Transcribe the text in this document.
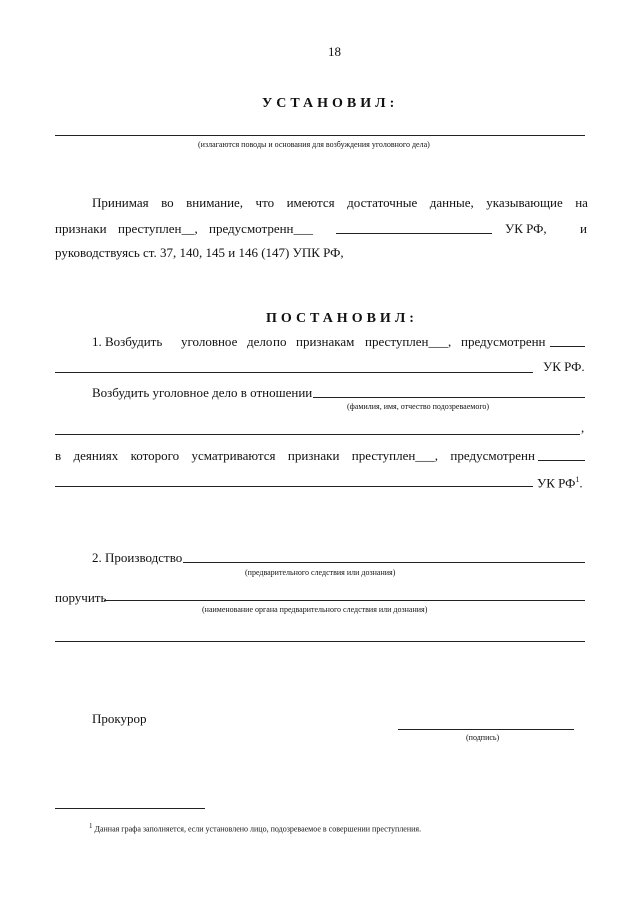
18
УСТАНОВИЛ:
(излагаются поводы и основания для возбуждения уголовного дела)
Принимая во внимание, что имеются достаточные данные, указывающие на
признаки преступлен__, предусмотренн___	УК РФ,	и
руководствуясь ст. 37, 140, 145 и 146 (147) УПК РФ,
ПОСТАНОВИЛ:
1. Возбудить уголовное дело по признакам преступлен___, предусмотренн
УК РФ.
Возбудить уголовное дело в отношении
(фамилия, имя, отчество подозреваемого)
,
в деяниях которого усматриваются признаки преступлен___, предусмотренн
УК $РФ^1$.
2. Производство
(предварительного следствия или дознания)
поручить
(наименование органа предварительного следствия или дознания)
Прокурор
(подпись)
$^1$ Данная графа заполняется, если установлено лицо, подозреваемое в совершении преступления.
